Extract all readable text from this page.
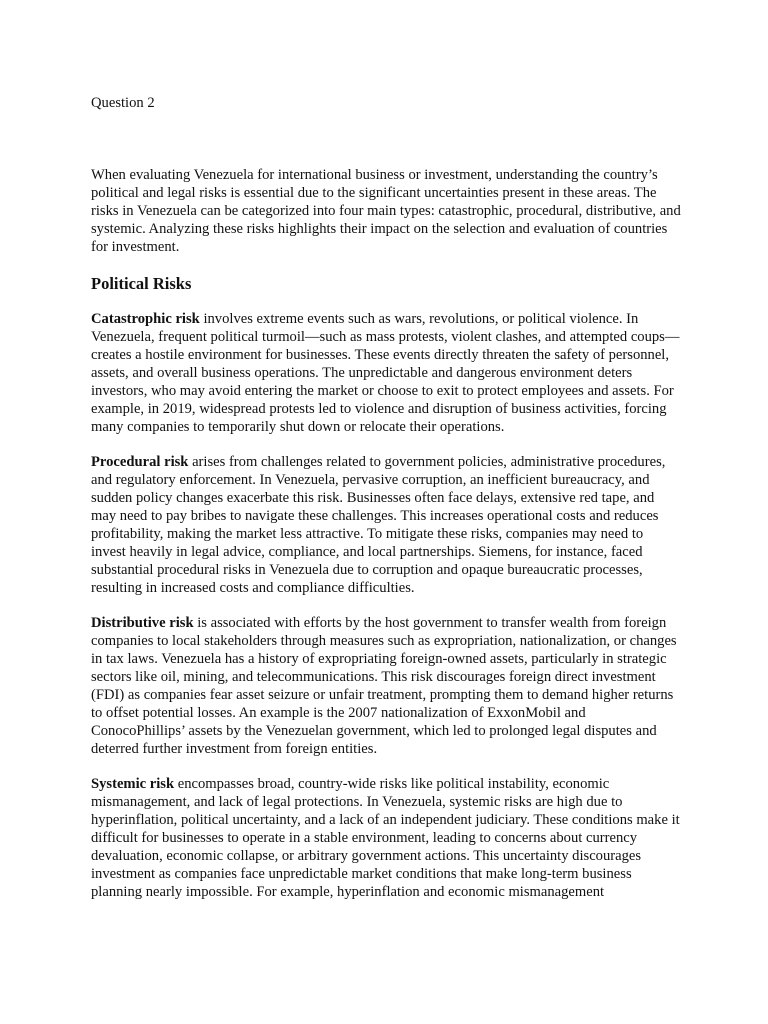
Question 2

When evaluating Venezuela for international business or investment, understanding the country’s political and legal risks is essential due to the significant uncertainties present in these areas. The risks in Venezuela can be categorized into four main types: catastrophic, procedural, distributive, and systemic. Analyzing these risks highlights their impact on the selection and evaluation of countries for investment.

Political Risks

Catastrophic risk involves extreme events such as wars, revolutions, or political violence. In Venezuela, frequent political turmoil—such as mass protests, violent clashes, and attempted coups—creates a hostile environment for businesses. These events directly threaten the safety of personnel, assets, and overall business operations. The unpredictable and dangerous environment deters investors, who may avoid entering the market or choose to exit to protect employees and assets. For example, in 2019, widespread protests led to violence and disruption of business activities, forcing many companies to temporarily shut down or relocate their operations.

Procedural risk arises from challenges related to government policies, administrative procedures, and regulatory enforcement. In Venezuela, pervasive corruption, an inefficient bureaucracy, and sudden policy changes exacerbate this risk. Businesses often face delays, extensive red tape, and may need to pay bribes to navigate these challenges. This increases operational costs and reduces profitability, making the market less attractive. To mitigate these risks, companies may need to invest heavily in legal advice, compliance, and local partnerships. Siemens, for instance, faced substantial procedural risks in Venezuela due to corruption and opaque bureaucratic processes, resulting in increased costs and compliance difficulties.

Distributive risk is associated with efforts by the host government to transfer wealth from foreign companies to local stakeholders through measures such as expropriation, nationalization, or changes in tax laws. Venezuela has a history of expropriating foreign-owned assets, particularly in strategic sectors like oil, mining, and telecommunications. This risk discourages foreign direct investment (FDI) as companies fear asset seizure or unfair treatment, prompting them to demand higher returns to offset potential losses. An example is the 2007 nationalization of ExxonMobil and ConocoPhillips’ assets by the Venezuelan government, which led to prolonged legal disputes and deterred further investment from foreign entities.

Systemic risk encompasses broad, country-wide risks like political instability, economic mismanagement, and lack of legal protections. In Venezuela, systemic risks are high due to hyperinflation, political uncertainty, and a lack of an independent judiciary. These conditions make it difficult for businesses to operate in a stable environment, leading to concerns about currency devaluation, economic collapse, or arbitrary government actions. This uncertainty discourages investment as companies face unpredictable market conditions that make long-term business planning nearly impossible. For example, hyperinflation and economic mismanagement
